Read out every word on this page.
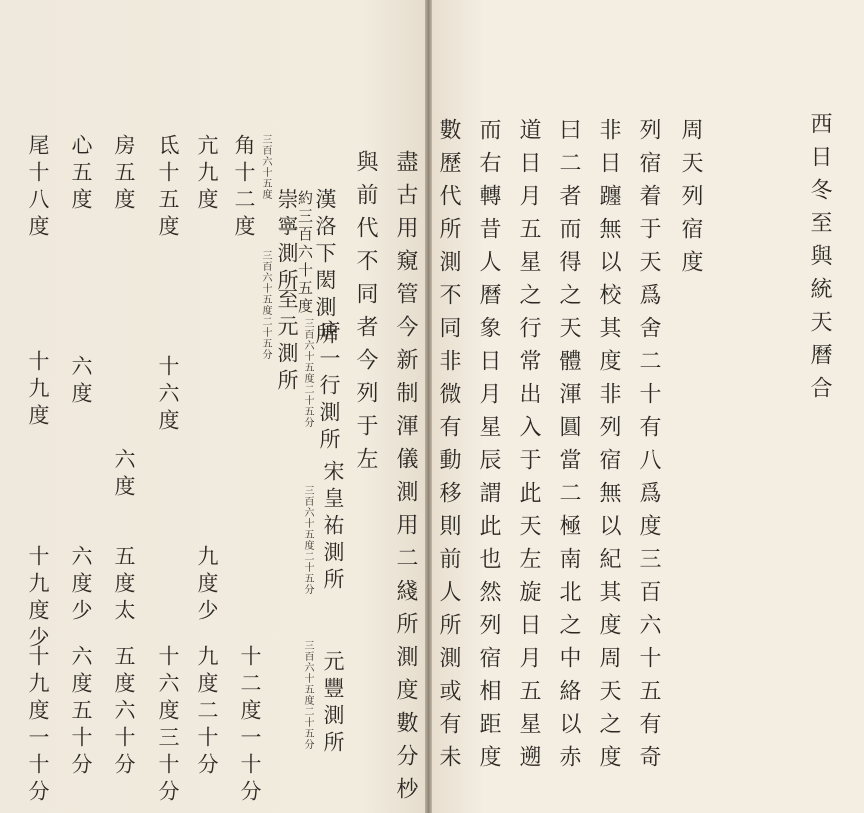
西日冬至與統天曆合
周天列宿度
列宿着于天爲舍二十有八爲度三百六十五有奇
非日躔無以校其度非列宿無以紀其度周天之度
曰二者而得之天體渾圓當二極南北之中絡以赤
道日月五星之行常出入于此天左旋日月五星遡
而右轉昔人曆象日月星辰謂此也然列宿相距度
數歷代所測不同非微有動移則前人所測或有未
盡古用窺管今新制渾儀測用二綫所測度數分杪
與前代不同者今列于左
漢洛下閎測所
約三百六十五度
崇寧測所
三百六十五度
至元測所
三百六十五度二十五分
唐一行測所
三百六十五度二十五分
宋皇祐測所
三百六十五度二十五分
元豐測所
三百六十五度二十五分
角十二度
十二度一十分
亢九度
九度少
九度二十分
氐十五度
十六度
十六度三十分
房五度
六度
五度太
五度六十分
心五度
六度
六度少
六度五十分
尾十八度
十九度
十九度少
十九度一十分
